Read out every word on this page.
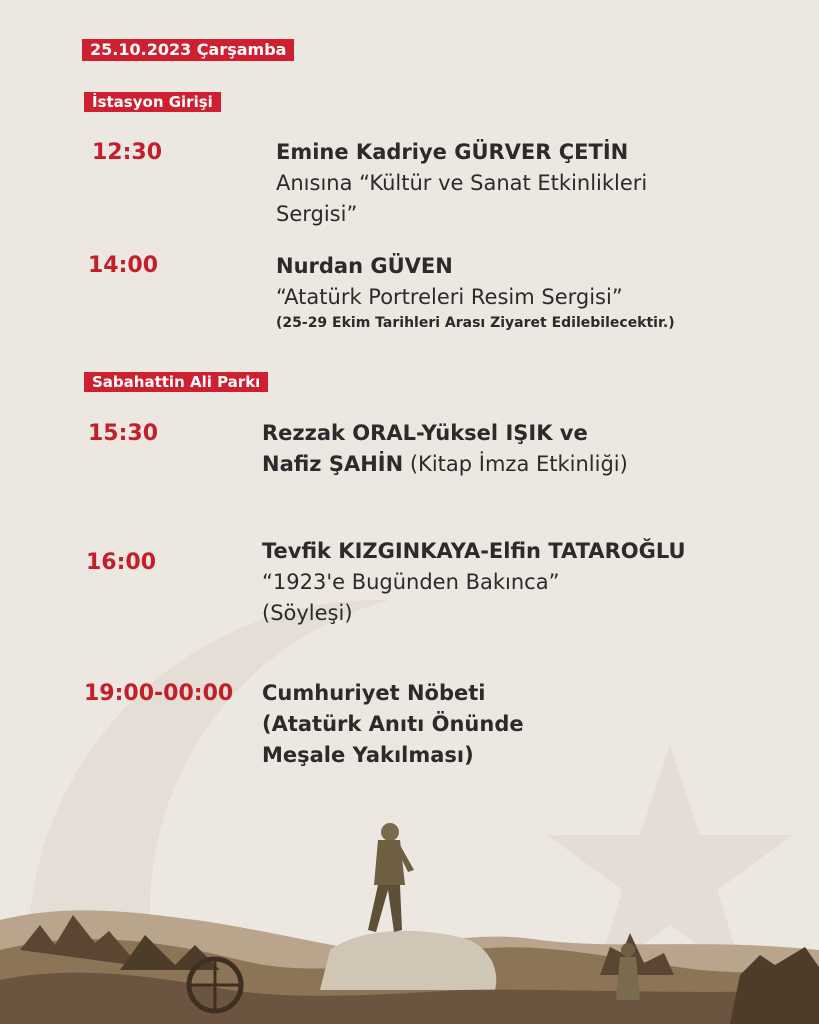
25.10.2023 Çarşamba
İstasyon Girişi
12:30	Emine Kadriye GÜRVER ÇETİN
Anısına “Kültür ve Sanat Etkinlikleri
Sergisi”
14:00	Nurdan GÜVEN
“Atatürk Portreleri Resim Sergisi”
(25-29 Ekim Tarihleri Arası Ziyaret Edilebilecektir.)
Sabahattin Ali Parkı
15:30	Rezzak ORAL-Yüksel IŞIK ve
Nafiz ŞAHİN (Kitap İmza Etkinliği)
16:00	Tevfik KIZGINKAYA-Elfin TATAROĞLU
“1923'e Bugünden Bakınca”
(Söyleşi)
19:00-00:00 Cumhuriyet Nöbeti
(Atatürk Anıtı Önünde
Meşale Yakılması)
